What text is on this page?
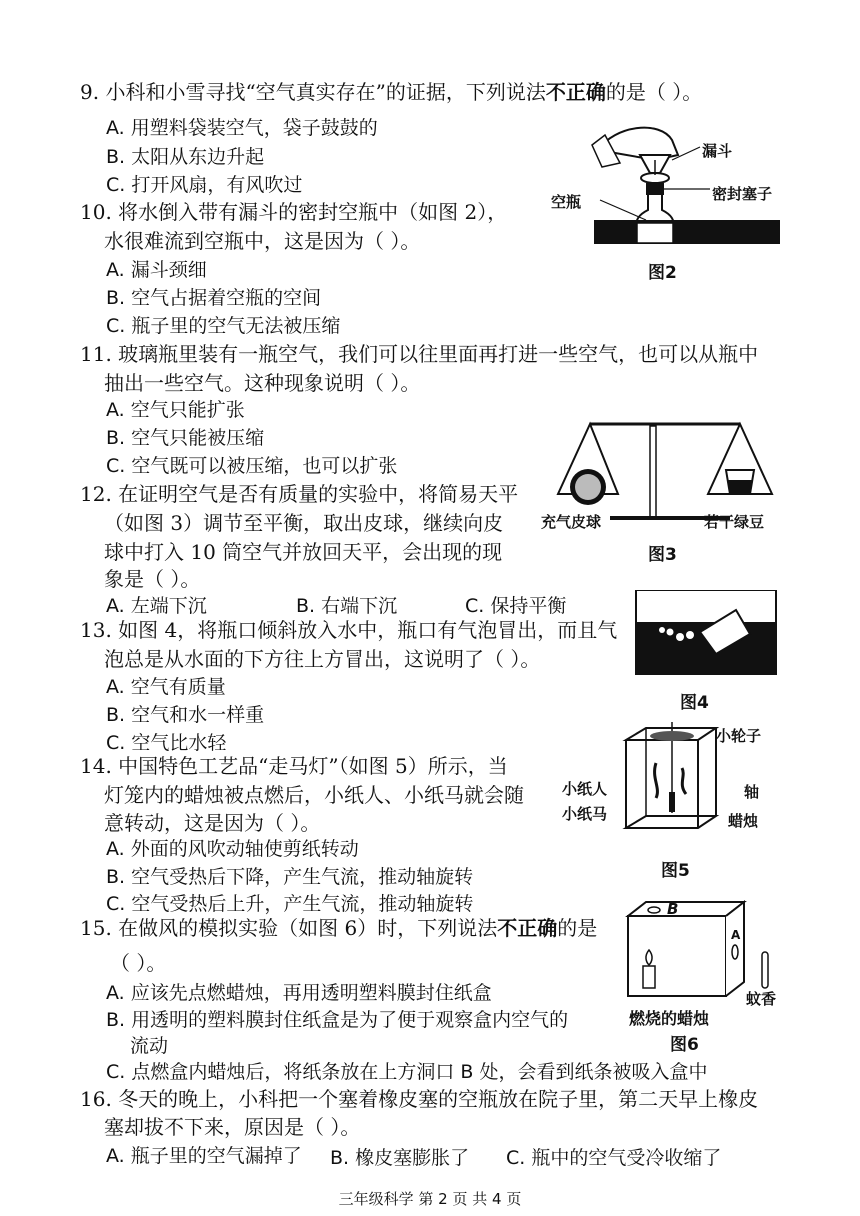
9. 小科和小雪寻找“空气真实存在”的证据，下列说法不正确的是（ ）。
A. 用塑料袋装空气，袋子鼓鼓的
B. 太阳从东边升起
C. 打开风扇，有风吹过
10. 将水倒入带有漏斗的密封空瓶中（如图 2），
水很难流到空瓶中，这是因为（ ）。
A. 漏斗颈细
B. 空气占据着空瓶的空间
C. 瓶子里的空气无法被压缩
漏斗
密封塞子
空瓶
图2
11. 玻璃瓶里装有一瓶空气，我们可以往里面再打进一些空气，也可以从瓶中
抽出一些空气。这种现象说明（ ）。
A. 空气只能扩张
B. 空气只能被压缩
C. 空气既可以被压缩，也可以扩张
充气皮球	若干绿豆
图3
12. 在证明空气是否有质量的实验中，将简易天平
（如图 3）调节至平衡，取出皮球，继续向皮
球中打入 10 筒空气并放回天平，会出现的现
象是（ ）。
A. 左端下沉	B. 右端下沉	C. 保持平衡
图4
13. 如图 4，将瓶口倾斜放入水中，瓶口有气泡冒出，而且气
泡总是从水面的下方往上方冒出，这说明了（ ）。
A. 空气有质量
B. 空气和水一样重
C. 空气比水轻	小轮子
小纸人	轴
小纸马	蜡烛
图5
14. 中国特色工艺品“走马灯”（如图 5）所示，当
灯笼内的蜡烛被点燃后，小纸人、小纸马就会随
意转动，这是因为（ ）。
A. 外面的风吹动轴使剪纸转动
B. 空气受热后下降，产生气流，推动轴旋转
C. 空气受热后上升，产生气流，推动轴旋转	B
A
蚊香
燃烧的蜡烛
图6
15. 在做风的模拟实验（如图 6）时，下列说法不正确的是
（ ）。
A. 应该先点燃蜡烛，再用透明塑料膜封住纸盒
B. 用透明的塑料膜封住纸盒是为了便于观察盒内空气的
流动
C. 点燃盒内蜡烛后，将纸条放在上方洞口 B 处，会看到纸条被吸入盒中
16. 冬天的晚上，小科把一个塞着橡皮塞的空瓶放在院子里，第二天早上橡皮
塞却拔不下来，原因是（ ）。
A. 瓶子里的空气漏掉了 B. 橡皮塞膨胀了 C. 瓶中的空气受冷收缩了
三年级科学 第 2 页 共 4 页
